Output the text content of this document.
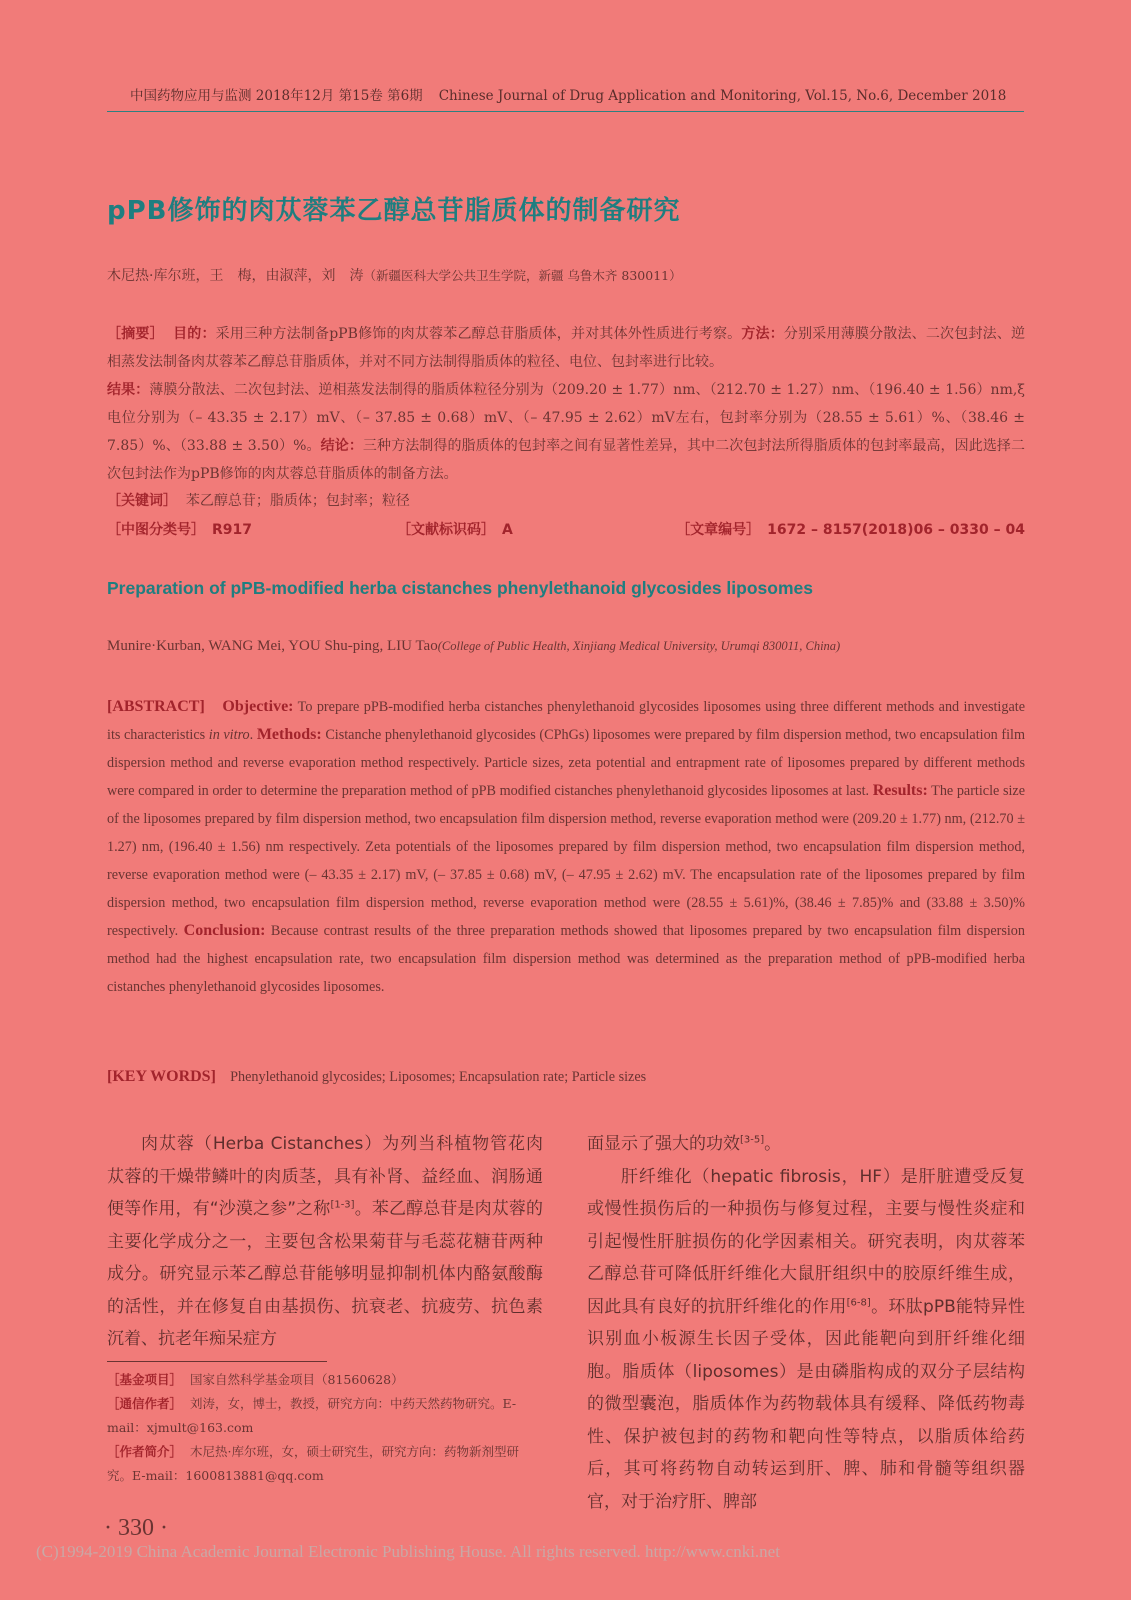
中国药物应用与监测 2018年12月 第15卷 第6期 Chinese Journal of Drug Application and Monitoring, Vol.15, No.6, December 2018
pPB修饰的肉苁蓉苯乙醇总苷脂质体的制备研究
木尼热·库尔班，王　梅，由淑萍，刘　涛（新疆医科大学公共卫生学院，新疆 乌鲁木齐 830011）
［摘要］ 目的：采用三种方法制备pPB修饰的肉苁蓉苯乙醇总苷脂质体，并对其体外性质进行考察。方法：分别采用薄膜分散法、二次包封法、逆相蒸发法制备肉苁蓉苯乙醇总苷脂质体，并对不同方法制得脂质体的粒径、电位、包封率进行比较。
结果：薄膜分散法、二次包封法、逆相蒸发法制得的脂质体粒径分别为（209.20 ± 1.77）nm、（212.70 ± 1.27）nm、（196.40 ± 1.56）nm,ξ电位分别为（– 43.35 ± 2.17）mV、（– 37.85 ± 0.68）mV、（– 47.95 ± 2.62）mV左右，包封率分别为（28.55 ± 5.61）%、（38.46 ± 7.85）%、（33.88 ± 3.50）%。结论：三种方法制得的脂质体的包封率之间有显著性差异，其中二次包封法所得脂质体的包封率最高，因此选择二次包封法作为pPB修饰的肉苁蓉总苷脂质体的制备方法。
［关键词］ 苯乙醇总苷；脂质体；包封率；粒径
［中图分类号］　R917	［文献标识码］　A	［文章编号］　1672 – 8157(2018)06 – 0330 – 04
Preparation of pPB-modified herba cistanches phenylethanoid glycosides liposomes
Munire·Kurban, WANG Mei, YOU Shu-ping, LIU Tao(College of Public Health, Xinjiang Medical University, Urumqi 830011, China)
[ABSTRACT] Objective: To prepare pPB-modified herba cistanches phenylethanoid glycosides liposomes using three different methods and investigate its characteristics in vitro. Methods: Cistanche phenylethanoid glycosides (CPhGs) liposomes were prepared by film dispersion method, two encapsulation film dispersion method and reverse evaporation method respectively. Particle sizes, zeta potential and entrapment rate of liposomes prepared by different methods were compared in order to determine the preparation method of pPB modified cistanches phenylethanoid glycosides liposomes at last. Results: The particle size of the liposomes prepared by film dispersion method, two encapsulation film dispersion method, reverse evaporation method were (209.20 ± 1.77) nm, (212.70 ± 1.27) nm, (196.40 ± 1.56) nm respectively. Zeta potentials of the liposomes prepared by film dispersion method, two encapsulation film dispersion method, reverse evaporation method were (– 43.35 ± 2.17) mV, (– 37.85 ± 0.68) mV, (– 47.95 ± 2.62) mV. The encapsulation rate of the liposomes prepared by film dispersion method, two encapsulation film dispersion method, reverse evaporation method were (28.55 ± 5.61)%, (38.46 ± 7.85)% and (33.88 ± 3.50)% respectively. Conclusion: Because contrast results of the three preparation methods showed that liposomes prepared by two encapsulation film dispersion method had the highest encapsulation rate, two encapsulation film dispersion method was determined as the preparation method of pPB-modified herba cistanches phenylethanoid glycosides liposomes.
[KEY WORDS] Phenylethanoid glycosides; Liposomes; Encapsulation rate; Particle sizes

肉苁蓉（Herba Cistanches）为列当科植物管花肉苁蓉的干燥带鳞叶的肉质茎，具有补肾、益经血、润肠通便等作用，有“沙漠之参”之称[1-3]。苯乙醇总苷是肉苁蓉的主要化学成分之一，主要包含松果菊苷与毛蕊花糖苷两种成分。研究显示苯乙醇总苷能够明显抑制机体内酪氨酸酶的活性，并在修复自由基损伤、抗衰老、抗疲劳、抗色素沉着、抗老年痴呆症方

面显示了强大的功效[3-5]。

肝纤维化（hepatic fibrosis，HF）是肝脏遭受反复或慢性损伤后的一种损伤与修复过程，主要与慢性炎症和引起慢性肝脏损伤的化学因素相关。研究表明，肉苁蓉苯乙醇总苷可降低肝纤维化大鼠肝组织中的胶原纤维生成，因此具有良好的抗肝纤维化的作用[6-8]。环肽pPB能特异性识别血小板源生长因子受体，因此能靶向到肝纤维化细胞。脂质体（liposomes）是由磷脂构成的双分子层结构的微型囊泡，脂质体作为药物载体具有缓释、降低药物毒性、保护被包封的药物和靶向性等特点，以脂质体给药后，其可将药物自动转运到肝、脾、肺和骨髓等组织器官，对于治疗肝、脾部

［基金项目］ 国家自然科学基金项目（81560628）
［通信作者］ 刘涛，女，博士，教授，研究方向：中药天然药物研究。E-mail：xjmult@163.com
［作者简介］ 木尼热·库尔班，女，硕士研究生，研究方向：药物新剂型研究。E-mail：1600813881@qq.com
· 330 ·
(C)1994-2019 China Academic Journal Electronic Publishing House. All rights reserved. http://www.cnki.net
